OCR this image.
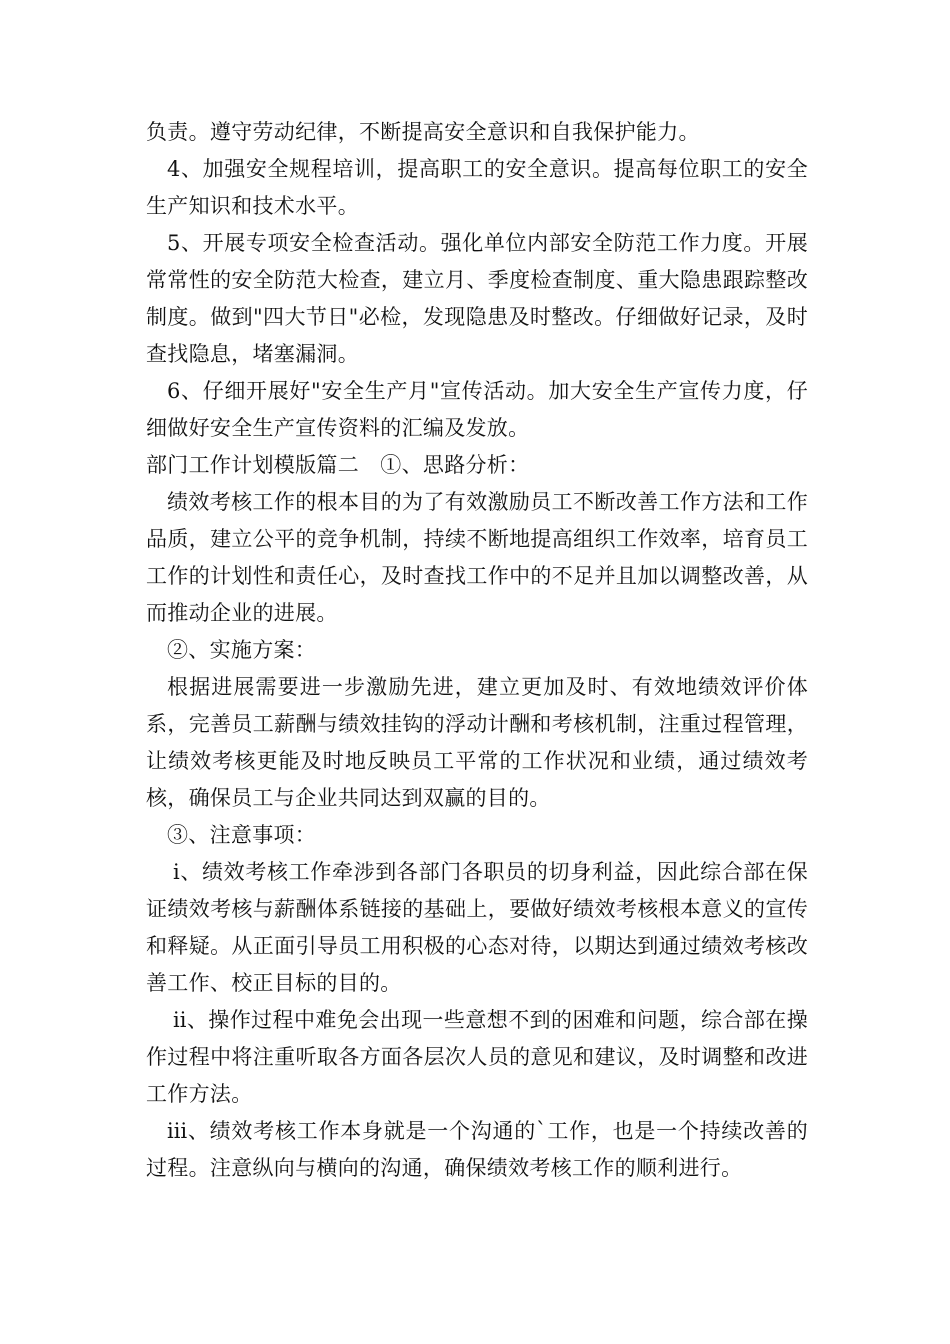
负责。遵守劳动纪律，不断提高安全意识和自我保护能力。

4、加强安全规程培训，提高职工的安全意识。提高每位职工的安全生产知识和技术水平。

5、开展专项安全检查活动。强化单位内部安全防范工作力度。开展常常性的安全防范大检查，建立月、季度检查制度、重大隐患跟踪整改制度。做到"四大节日"必检，发现隐患及时整改。仔细做好记录，及时查找隐息，堵塞漏洞。

6、仔细开展好"安全生产月"宣传活动。加大安全生产宣传力度，仔细做好安全生产宣传资料的汇编及发放。

部门工作计划模版篇二　①、思路分析：

绩效考核工作的根本目的为了有效激励员工不断改善工作方法和工作品质，建立公平的竞争机制，持续不断地提高组织工作效率，培育员工工作的计划性和责任心，及时查找工作中的不足并且加以调整改善，从而推动企业的进展。

②、实施方案：

根据进展需要进一步激励先进，建立更加及时、有效地绩效评价体系，完善员工薪酬与绩效挂钩的浮动计酬和考核机制，注重过程管理，让绩效考核更能及时地反映员工平常的工作状况和业绩，通过绩效考核，确保员工与企业共同达到双赢的目的。

③、注意事项：

ⅰ、绩效考核工作牵涉到各部门各职员的切身利益，因此综合部在保证绩效考核与薪酬体系链接的基础上，要做好绩效考核根本意义的宣传和释疑。从正面引导员工用积极的心态对待，以期达到通过绩效考核改善工作、校正目标的目的。

ⅱ、操作过程中难免会出现一些意想不到的困难和问题，综合部在操作过程中将注重听取各方面各层次人员的意见和建议，及时调整和改进工作方法。

ⅲ、绩效考核工作本身就是一个沟通的`工作，也是一个持续改善的过程。注意纵向与横向的沟通，确保绩效考核工作的顺利进行。
